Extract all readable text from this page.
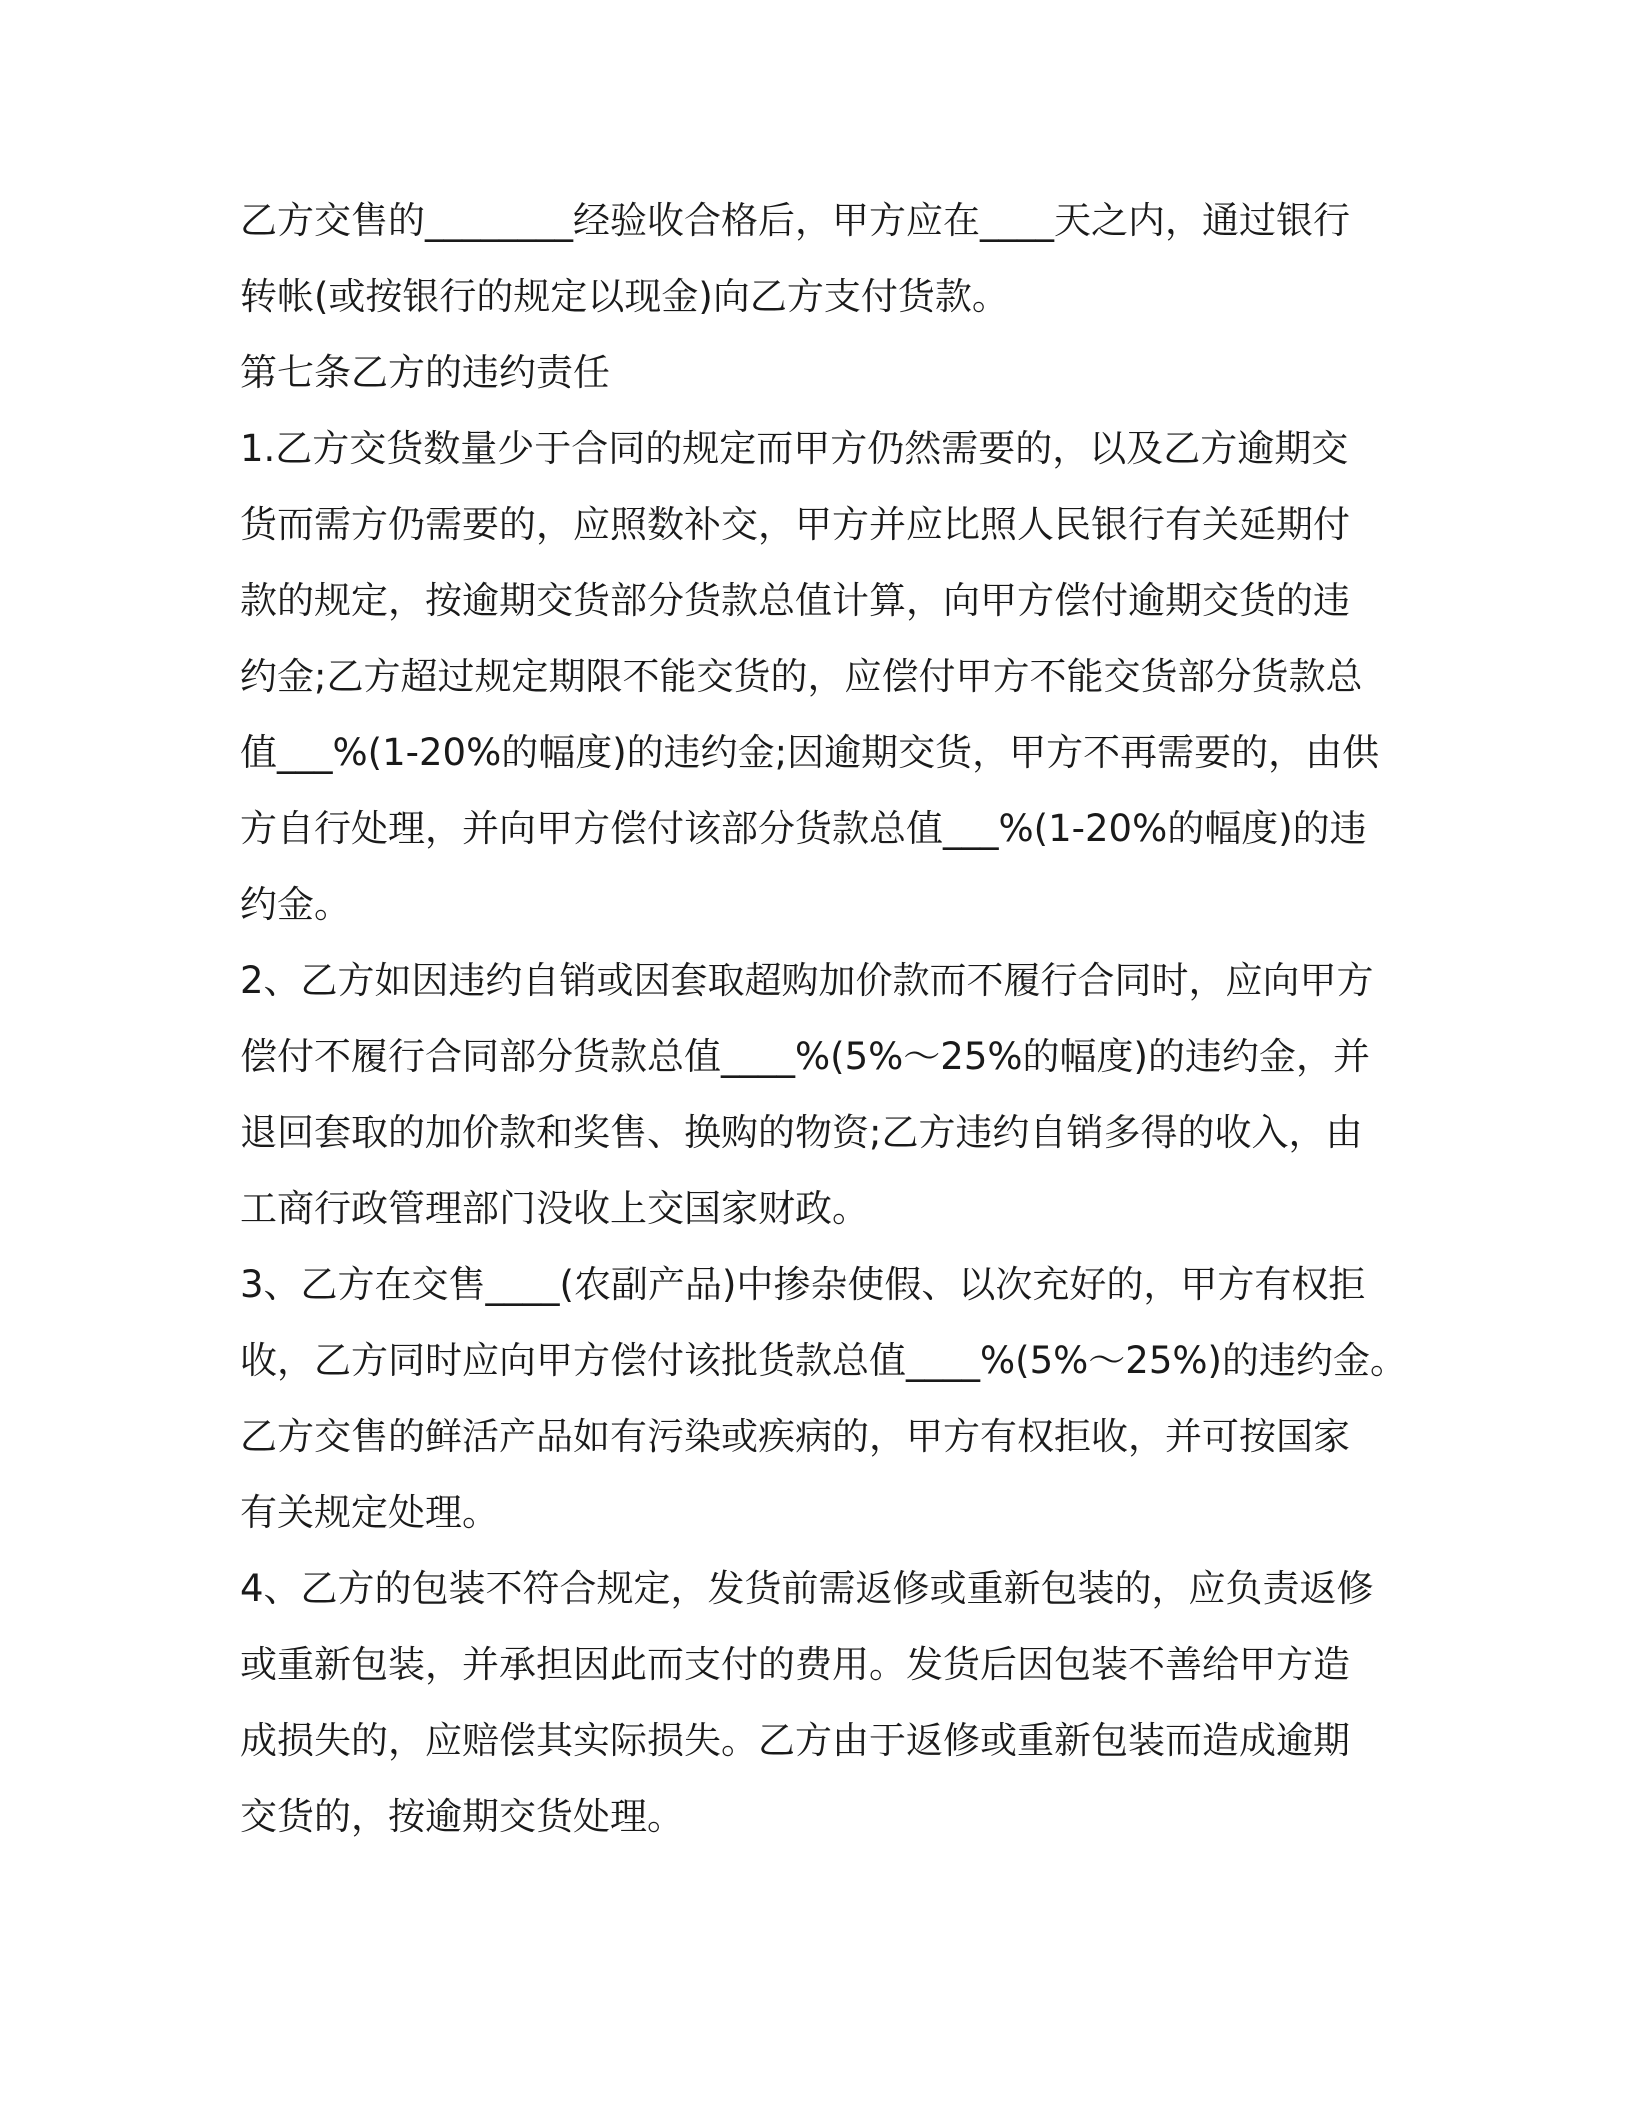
乙方交售的________经验收合格后，甲方应在____天之内，通过银行
转帐(或按银行的规定以现金)向乙方支付货款。
第七条乙方的违约责任
1.乙方交货数量少于合同的规定而甲方仍然需要的，以及乙方逾期交
货而需方仍需要的，应照数补交，甲方并应比照人民银行有关延期付
款的规定，按逾期交货部分货款总值计算，向甲方偿付逾期交货的违
约金;乙方超过规定期限不能交货的，应偿付甲方不能交货部分货款总
值___%(1-20%的幅度)的违约金;因逾期交货，甲方不再需要的，由供
方自行处理，并向甲方偿付该部分货款总值___%(1-20%的幅度)的违
约金。
2、乙方如因违约自销或因套取超购加价款而不履行合同时，应向甲方
偿付不履行合同部分货款总值____%(5%～25%的幅度)的违约金，并
退回套取的加价款和奖售、换购的物资;乙方违约自销多得的收入，由
工商行政管理部门没收上交国家财政。
3、乙方在交售____(农副产品)中掺杂使假、以次充好的，甲方有权拒
收，乙方同时应向甲方偿付该批货款总值____%(5%～25%)的违约金。
乙方交售的鲜活产品如有污染或疾病的，甲方有权拒收，并可按国家
有关规定处理。
4、乙方的包装不符合规定，发货前需返修或重新包装的，应负责返修
或重新包装，并承担因此而支付的费用。发货后因包装不善给甲方造
成损失的，应赔偿其实际损失。乙方由于返修或重新包装而造成逾期
交货的，按逾期交货处理。
